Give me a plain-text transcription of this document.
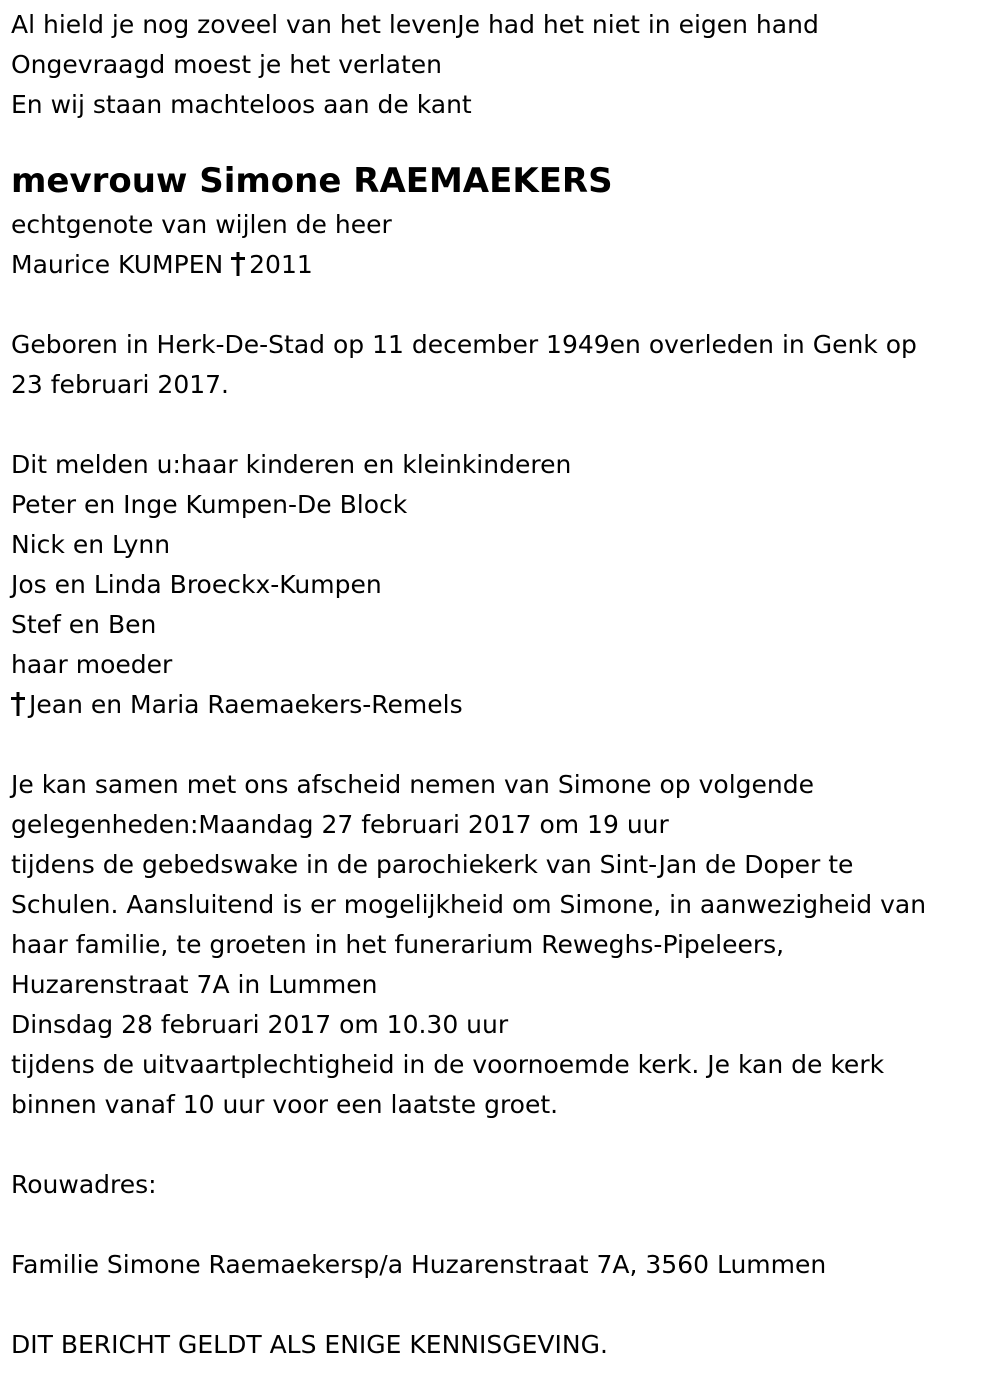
Al hield je nog zoveel van het levenJe had het niet in eigen hand

Ongevraagd moest je het verlaten

En wij staan machteloos aan de kant

mevrouw Simone RAEMAEKERS

echtgenote van wijlen de heer

Maurice KUMPEN 2011

Geboren in Herk-De-Stad op 11 december 1949en overleden in Genk op

23 februari 2017.

Dit melden u:haar kinderen en kleinkinderen

Peter en Inge Kumpen-De Block

Nick en Lynn

Jos en Linda Broeckx-Kumpen

Stef en Ben

haar moeder

Jean en Maria Raemaekers-Remels

Je kan samen met ons afscheid nemen van Simone op volgende

gelegenheden:Maandag 27 februari 2017 om 19 uur

tijdens de gebedswake in de parochiekerk van Sint-Jan de Doper te

Schulen. Aansluitend is er mogelijkheid om Simone, in aanwezigheid van

haar familie, te groeten in het funerarium Reweghs-Pipeleers,

Huzarenstraat 7A in Lummen

Dinsdag 28 februari 2017 om 10.30 uur

tijdens de uitvaartplechtigheid in de voornoemde kerk. Je kan de kerk

binnen vanaf 10 uur voor een laatste groet.

Rouwadres:

Familie Simone Raemaekersp/a Huzarenstraat 7A, 3560 Lummen

DIT BERICHT GELDT ALS ENIGE KENNISGEVING.
